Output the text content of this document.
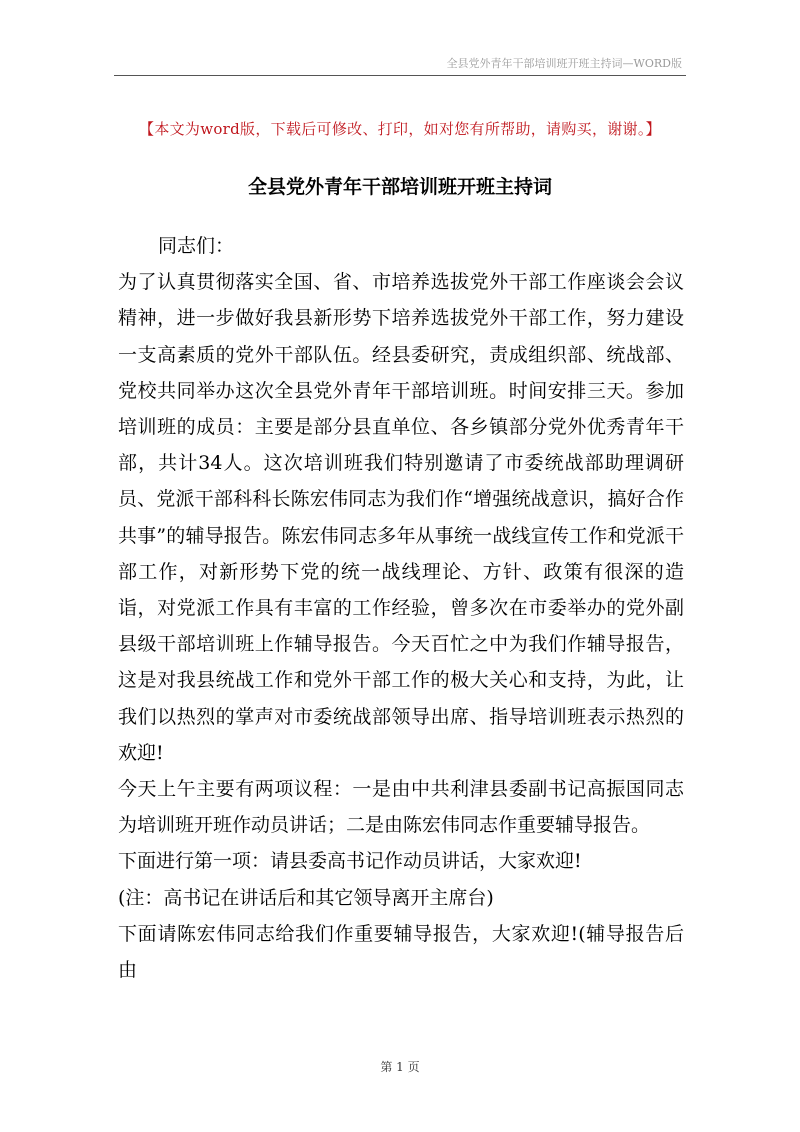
全县党外青年干部培训班开班主持词—WORD版
【本文为word版，下载后可修改、打印，如对您有所帮助，请购买，谢谢。】
全县党外青年干部培训班开班主持词

同志们：

为了认真贯彻落实全国、省、市培养选拔党外干部工作座谈会会议精神，进一步做好我县新形势下培养选拔党外干部工作，努力建设一支高素质的党外干部队伍。经县委研究，责成组织部、统战部、党校共同举办这次全县党外青年干部培训班。时间安排三天。参加培训班的成员：主要是部分县直单位、各乡镇部分党外优秀青年干部，共计34人。这次培训班我们特别邀请了市委统战部助理调研员、党派干部科科长陈宏伟同志为我们作“增强统战意识，搞好合作共事”的辅导报告。陈宏伟同志多年从事统一战线宣传工作和党派干部工作，对新形势下党的统一战线理论、方针、政策有很深的造诣，对党派工作具有丰富的工作经验，曾多次在市委举办的党外副县级干部培训班上作辅导报告。今天百忙之中为我们作辅导报告，这是对我县统战工作和党外干部工作的极大关心和支持，为此，让我们以热烈的掌声对市委统战部领导出席、指导培训班表示热烈的欢迎!

今天上午主要有两项议程：一是由中共利津县委副书记高振国同志为培训班开班作动员讲话；二是由陈宏伟同志作重要辅导报告。

下面进行第一项：请县委高书记作动员讲话，大家欢迎!

(注：高书记在讲话后和其它领导离开主席台)

下面请陈宏伟同志给我们作重要辅导报告，大家欢迎!(辅导报告后由

第 1 页
